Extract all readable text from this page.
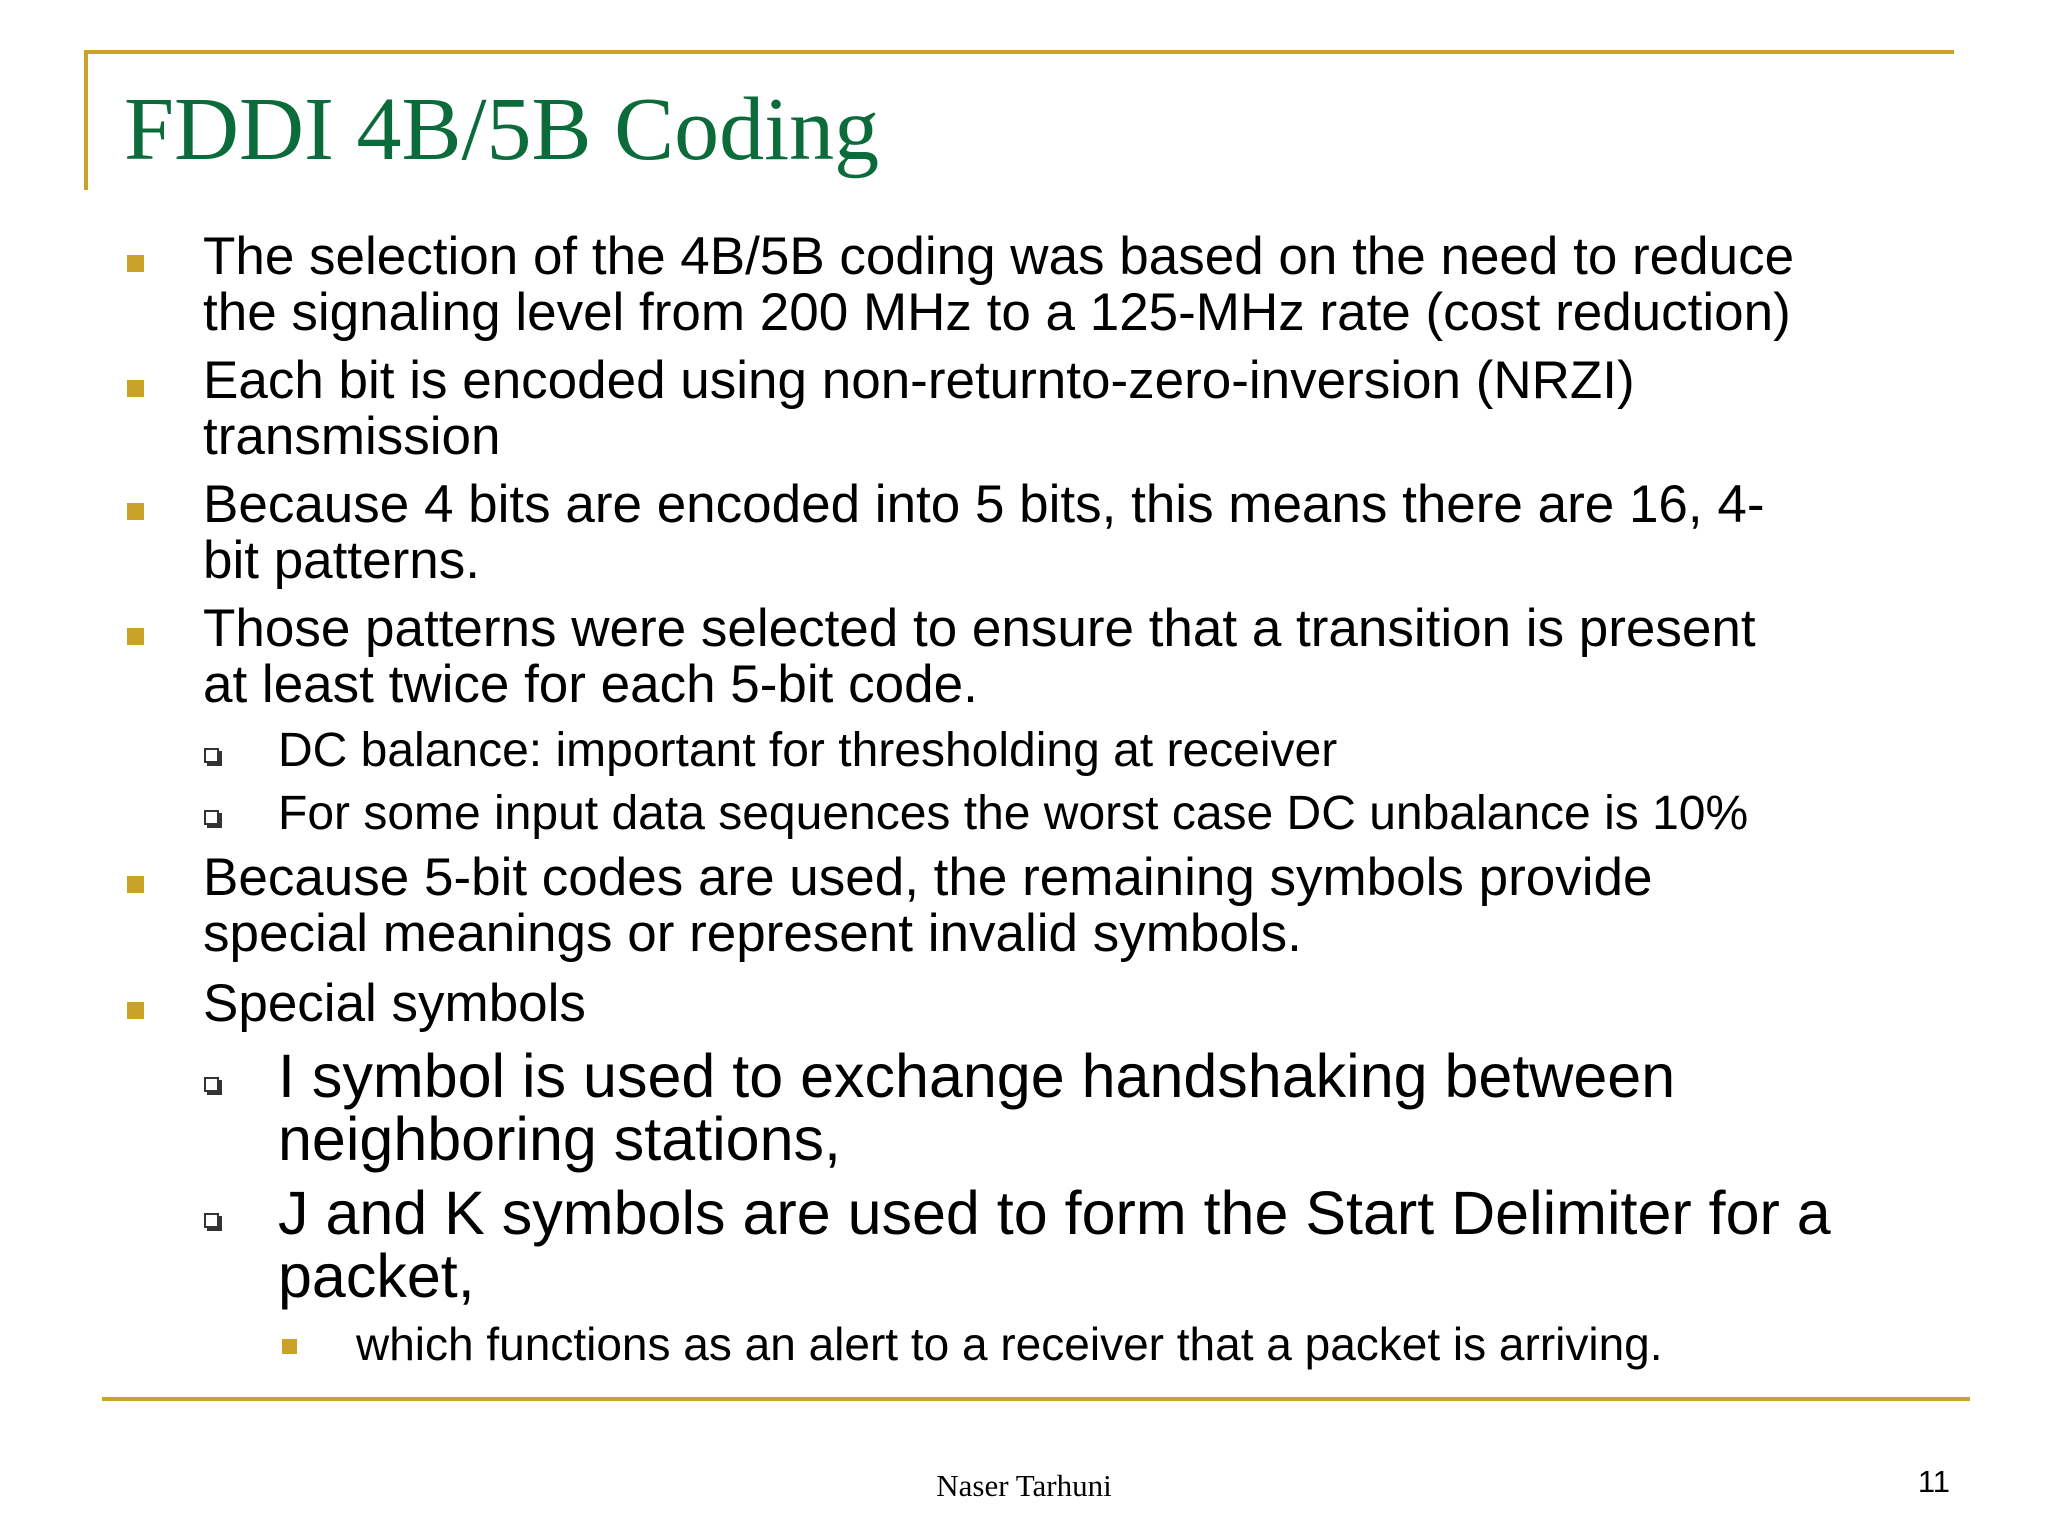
FDDI 4B/5B Coding
The selection of the 4B/5B coding was based on the need to reduce
the signaling level from 200 MHz to a 125-MHz rate (cost reduction)
Each bit is encoded using non-returnto-zero-inversion (NRZI)
transmission
Because 4 bits are encoded into 5 bits, this means there are 16, 4-
bit patterns.
Those patterns were selected to ensure that a transition is present
at least twice for each 5-bit code.
DC balance: important for thresholding at receiver
For some input data sequences the worst case DC unbalance is 10%
Because 5-bit codes are used, the remaining symbols provide
special meanings or represent invalid symbols.
Special symbols
I symbol is used to exchange handshaking between
neighboring stations,
J and K symbols are used to form the Start Delimiter for a
packet,
which functions as an alert to a receiver that a packet is arriving.
Naser Tarhuni	11
